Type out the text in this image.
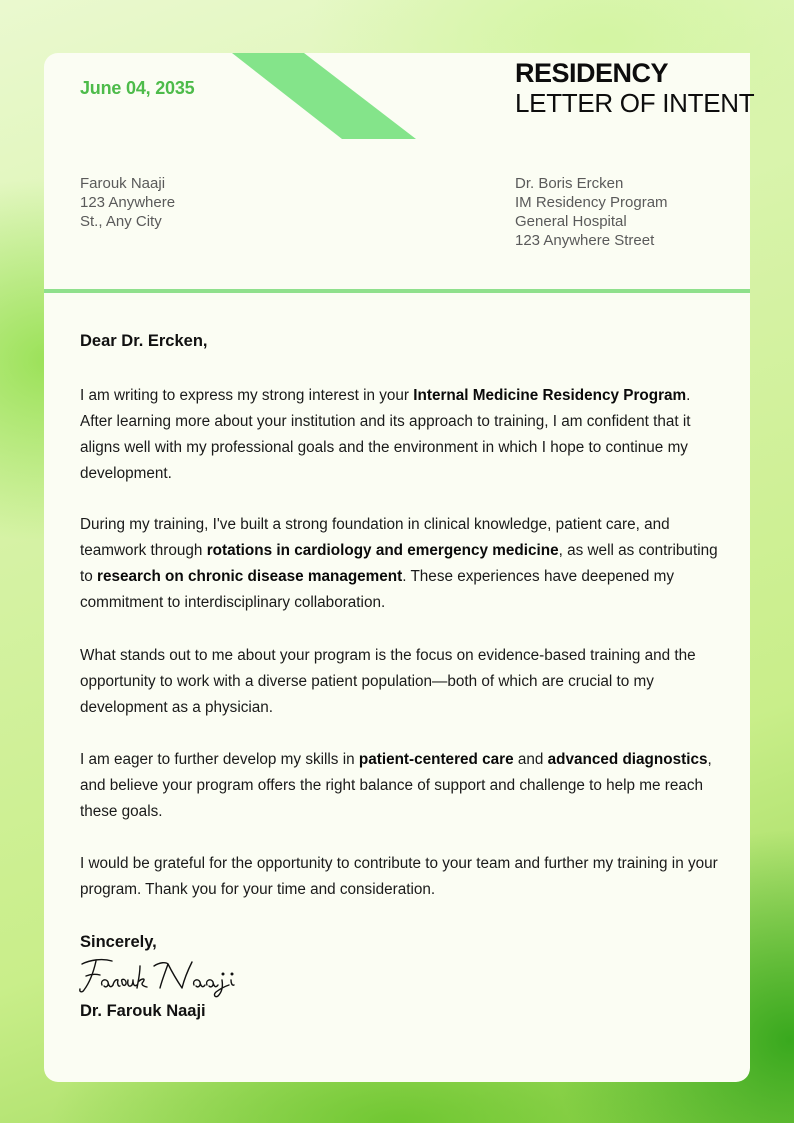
June 04, 2035	RESIDENCY
LETTER OF INTENT
Farouk Naaji
123 Anywhere
St., Any City
Dr. Boris Ercken
IM Residency Program
General Hospital
123 Anywhere Street
Dear Dr. Ercken,
I am writing to express my strong interest in your Internal Medicine Residency Program. After learning more about your institution and its approach to training, I am confident that it aligns well with my professional goals and the environment in which I hope to continue my development.
During my training, I've built a strong foundation in clinical knowledge, patient care, and teamwork through rotations in cardiology and emergency medicine, as well as contributing to research on chronic disease management. These experiences have deepened my commitment to interdisciplinary collaboration.
What stands out to me about your program is the focus on evidence-based training and the opportunity to work with a diverse patient population—both of which are crucial to my development as a physician.
I am eager to further develop my skills in patient-centered care and advanced diagnostics, and believe your program offers the right balance of support and challenge to help me reach these goals.
I would be grateful for the opportunity to contribute to your team and further my training in your program. Thank you for your time and consideration.
Sincerely,
Dr. Farouk Naaji
